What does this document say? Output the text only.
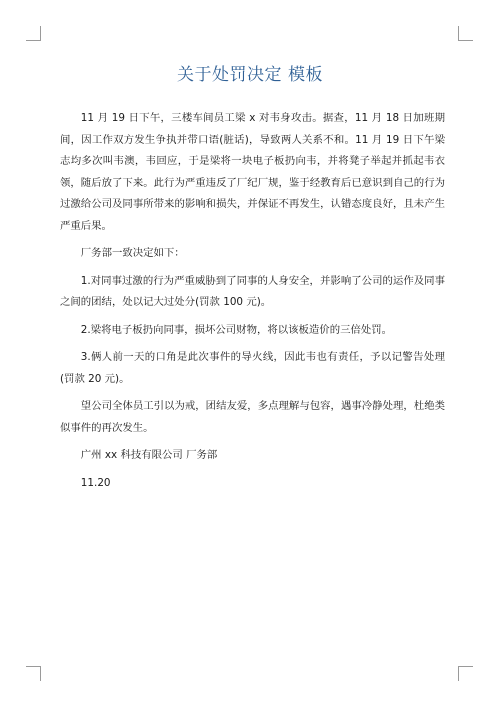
关于处罚决定 模板

11 月 19 日下午，三楼车间员工梁 x 对韦身攻击。据查，11 月 18 日加班期间，因工作双方发生争执并带口语(脏话)，导致两人关系不和。11 月 19 日下午梁志均多次叫韦澳，韦回应，于是梁将一块电子板扔向韦，并将凳子举起并抓起韦衣领，随后放了下来。此行为严重违反了厂纪厂规，鉴于经教育后已意识到自己的行为过激给公司及同事所带来的影响和损失，并保证不再发生，认错态度良好，且未产生严重后果。

厂务部一致决定如下：

1.对同事过激的行为严重威胁到了同事的人身安全，并影响了公司的运作及同事之间的团结，处以记大过处分(罚款 100 元)。

2.梁将电子板扔向同事，损坏公司财物，将以该板造价的三倍处罚。

3.俩人前一天的口角是此次事件的导火线，因此韦也有责任，予以记警告处理(罚款 20 元)。

望公司全体员工引以为戒，团结友爱，多点理解与包容，遇事冷静处理，杜绝类似事件的再次发生。

广州 xx 科技有限公司 厂务部

11.20
